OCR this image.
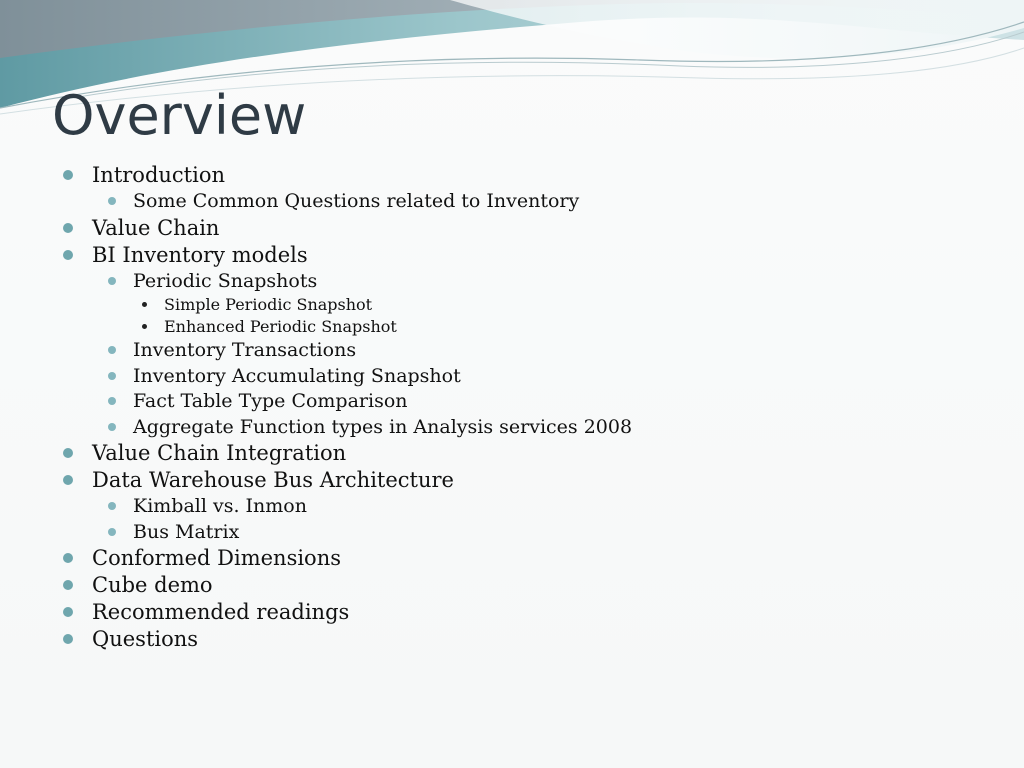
Overview
Introduction
Some Common Questions related to Inventory
Value Chain
BI Inventory models
Periodic Snapshots
Simple Periodic Snapshot
Enhanced Periodic Snapshot
Inventory Transactions
Inventory Accumulating Snapshot
Fact Table Type Comparison
Aggregate Function types in Analysis services 2008
Value Chain Integration
Data Warehouse Bus Architecture
Kimball vs. Inmon
Bus Matrix
Conformed Dimensions
Cube demo
Recommended readings
Questions
